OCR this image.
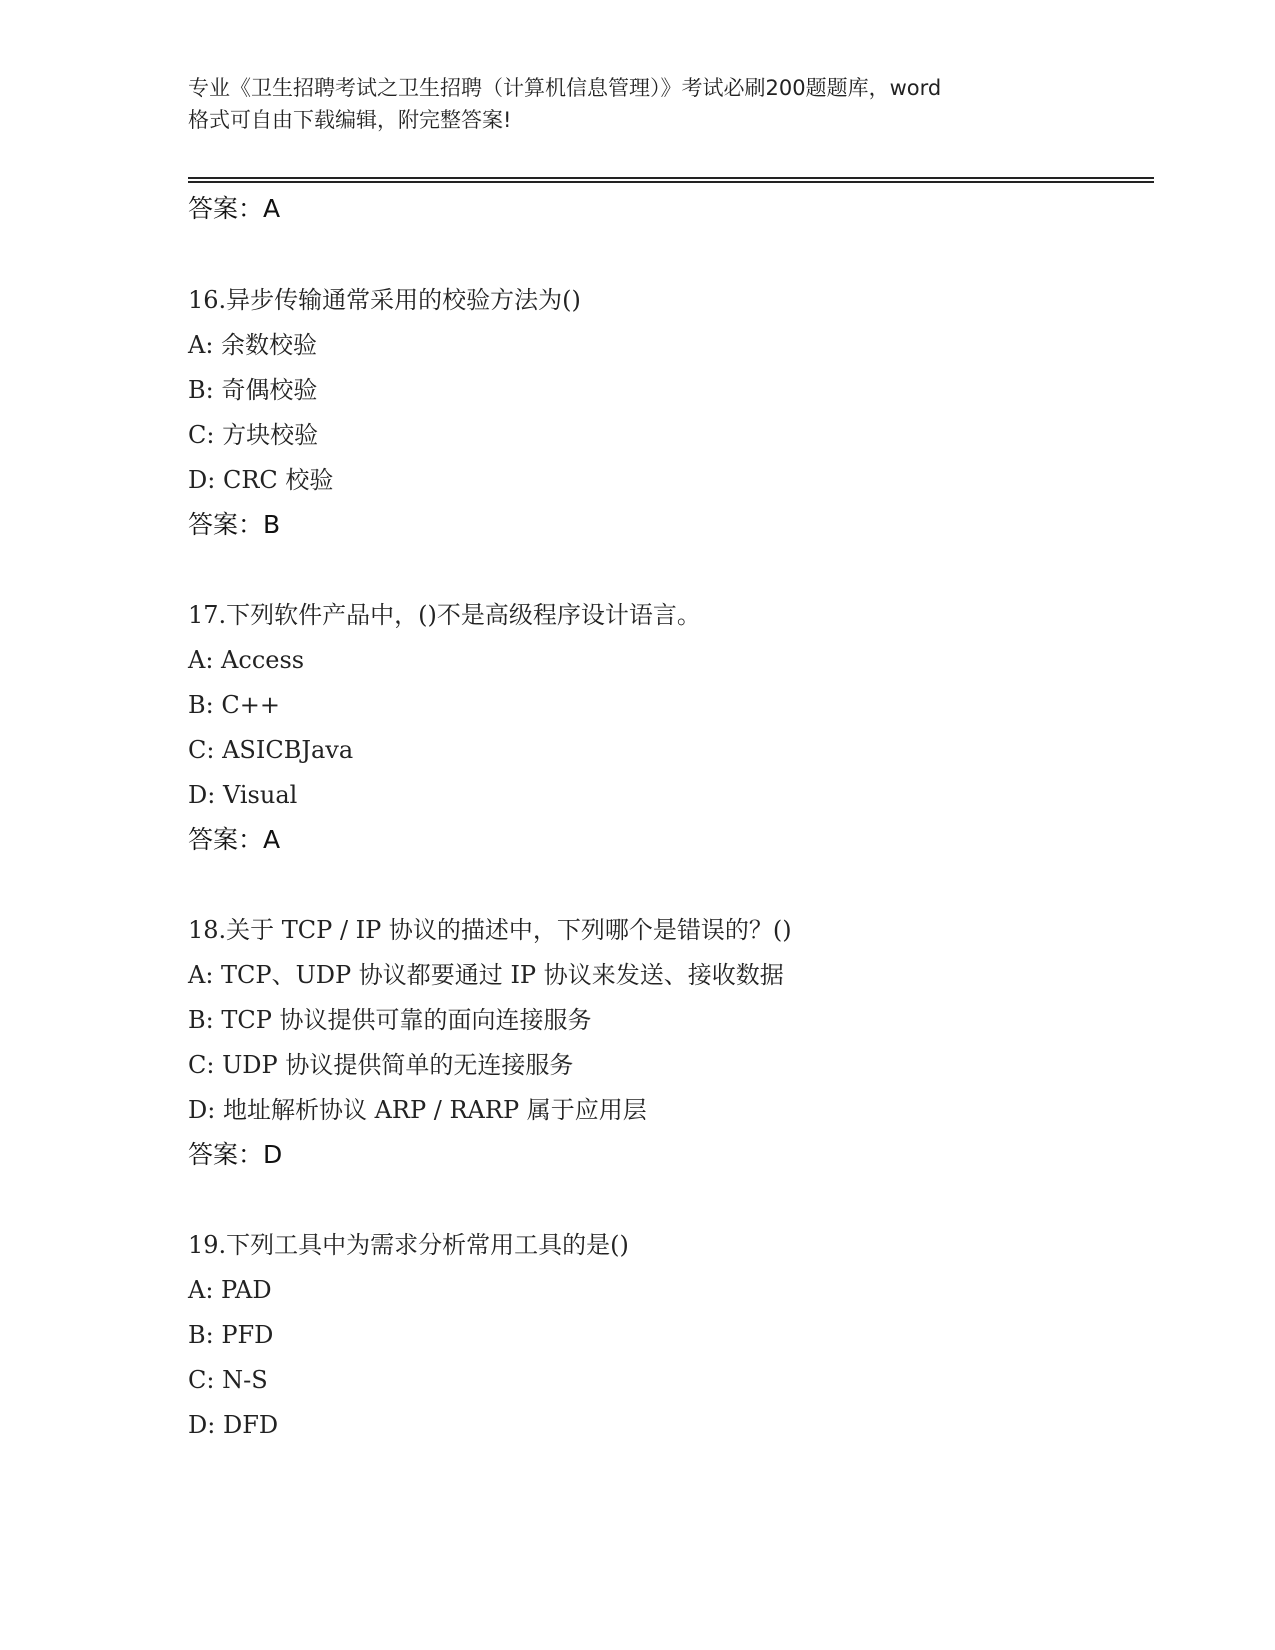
专业《卫生招聘考试之卫生招聘（计算机信息管理）》考试必刷200题题库，word
格式可自由下载编辑，附完整答案!
答案：A
16.异步传输通常采用的校验方法为()
A: 余数校验
B: 奇偶校验
C: 方块校验
D: CRC 校验
答案：B
17.下列软件产品中，()不是高级程序设计语言。
A: Access
B: C++
C: ASICBJava
D: Visual
答案：A
18.关于 TCP / IP 协议的描述中，下列哪个是错误的？()
A: TCP、UDP 协议都要通过 IP 协议来发送、接收数据
B: TCP 协议提供可靠的面向连接服务
C: UDP 协议提供简单的无连接服务
D: 地址解析协议 ARP / RARP 属于应用层
答案：D
19.下列工具中为需求分析常用工具的是()
A: PAD
B: PFD
C: N-S
D: DFD
